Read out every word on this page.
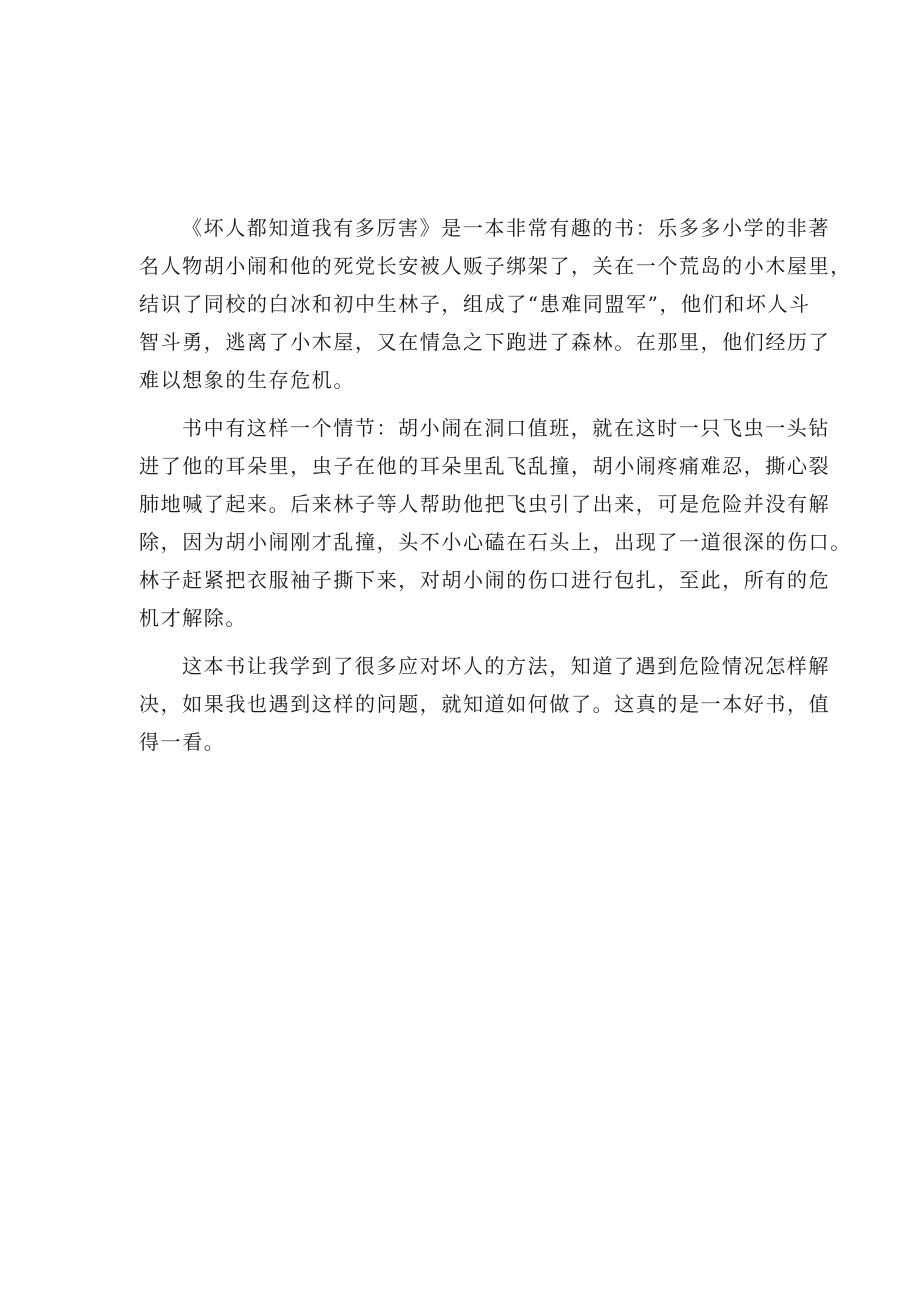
《坏人都知道我有多厉害》是一本非常有趣的书：乐多多小学的非著
名人物胡小闹和他的死党长安被人贩子绑架了，关在一个荒岛的小木屋里，
结识了同校的白冰和初中生林子，组成了“患难同盟军”，他们和坏人斗
智斗勇，逃离了小木屋，又在情急之下跑进了森林。在那里，他们经历了
难以想象的生存危机。
书中有这样一个情节：胡小闹在洞口值班，就在这时一只飞虫一头钻
进了他的耳朵里，虫子在他的耳朵里乱飞乱撞，胡小闹疼痛难忍，撕心裂
肺地喊了起来。后来林子等人帮助他把飞虫引了出来，可是危险并没有解
除，因为胡小闹刚才乱撞，头不小心磕在石头上，出现了一道很深的伤口。
林子赶紧把衣服袖子撕下来，对胡小闹的伤口进行包扎，至此，所有的危
机才解除。
这本书让我学到了很多应对坏人的方法，知道了遇到危险情况怎样解
决，如果我也遇到这样的问题，就知道如何做了。这真的是一本好书，值
得一看。
